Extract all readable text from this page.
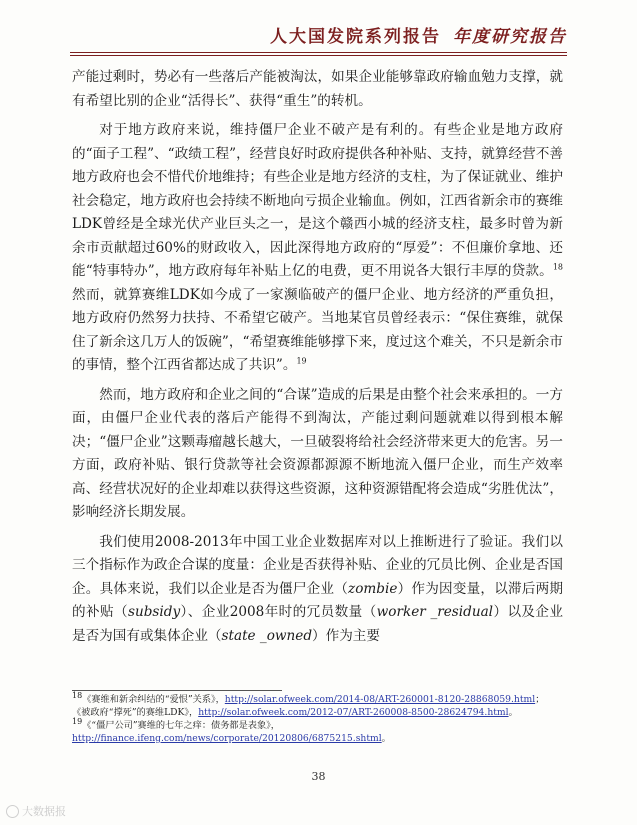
人大国发院系列报告 年度研究报告

产能过剩时，势必有一些落后产能被淘汰，如果企业能够靠政府输血勉力支撑，就有希望比别的企业“活得长”、获得“重生”的转机。

对于地方政府来说，维持僵尸企业不破产是有利的。有些企业是地方政府的“面子工程”、“政绩工程”，经营良好时政府提供各种补贴、支持，就算经营不善地方政府也会不惜代价地维持；有些企业是地方经济的支柱，为了保证就业、维护社会稳定，地方政府也会持续不断地向亏损企业输血。例如，江西省新余市的赛维LDK曾经是全球光伏产业巨头之一，是这个赣西小城的经济支柱，最多时曾为新余市贡献超过60%的财政收入，因此深得地方政府的“厚爱”：不但廉价拿地、还能“特事特办”，地方政府每年补贴上亿的电费，更不用说各大银行丰厚的贷款。$^{18}$然而，就算赛维LDK如今成了一家濒临破产的僵尸企业、地方经济的严重负担，地方政府仍然努力扶持、不希望它破产。当地某官员曾经表示：“保住赛维，就保住了新余这几万人的饭碗”，“希望赛维能够撑下来，度过这个难关，不只是新余市的事情，整个江西省都达成了共识”。$^{19}$

然而，地方政府和企业之间的“合谋”造成的后果是由整个社会来承担的。一方面，由僵尸企业代表的落后产能得不到淘汰，产能过剩问题就难以得到根本解决；“僵尸企业”这颗毒瘤越长越大，一旦破裂将给社会经济带来更大的危害。另一方面，政府补贴、银行贷款等社会资源都源源不断地流入僵尸企业，而生产效率高、经营状况好的企业却难以获得这些资源，这种资源错配将会造成“劣胜优汰”，影响经济长期发展。

我们使用2008-2013年中国工业企业数据库对以上推断进行了验证。我们以三个指标作为政企合谋的度量：企业是否获得补贴、企业的冗员比例、企业是否国企。具体来说，我们以企业是否为僵尸企业（zombie）作为因变量，以滞后两期的补贴（subsidy）、企业2008年时的冗员数量（worker _residual）以及企业是否为国有或集体企业（state _owned）作为主要

$^{18}$《赛维和新余纠结的“爱恨”关系》，http://solar.ofweek.com/2014-08/ART-260001-8120-28868059.html；
《被政府“撑死”的赛维LDK》，http://solar.ofweek.com/2012-07/ART-260008-8500-28624794.html。
$^{19}$《“僵尸公司”赛维的七年之痒：债务都是表象》，
http://finance.ifeng.com/news/corporate/20120806/6875215.shtml。
38
大数据报
